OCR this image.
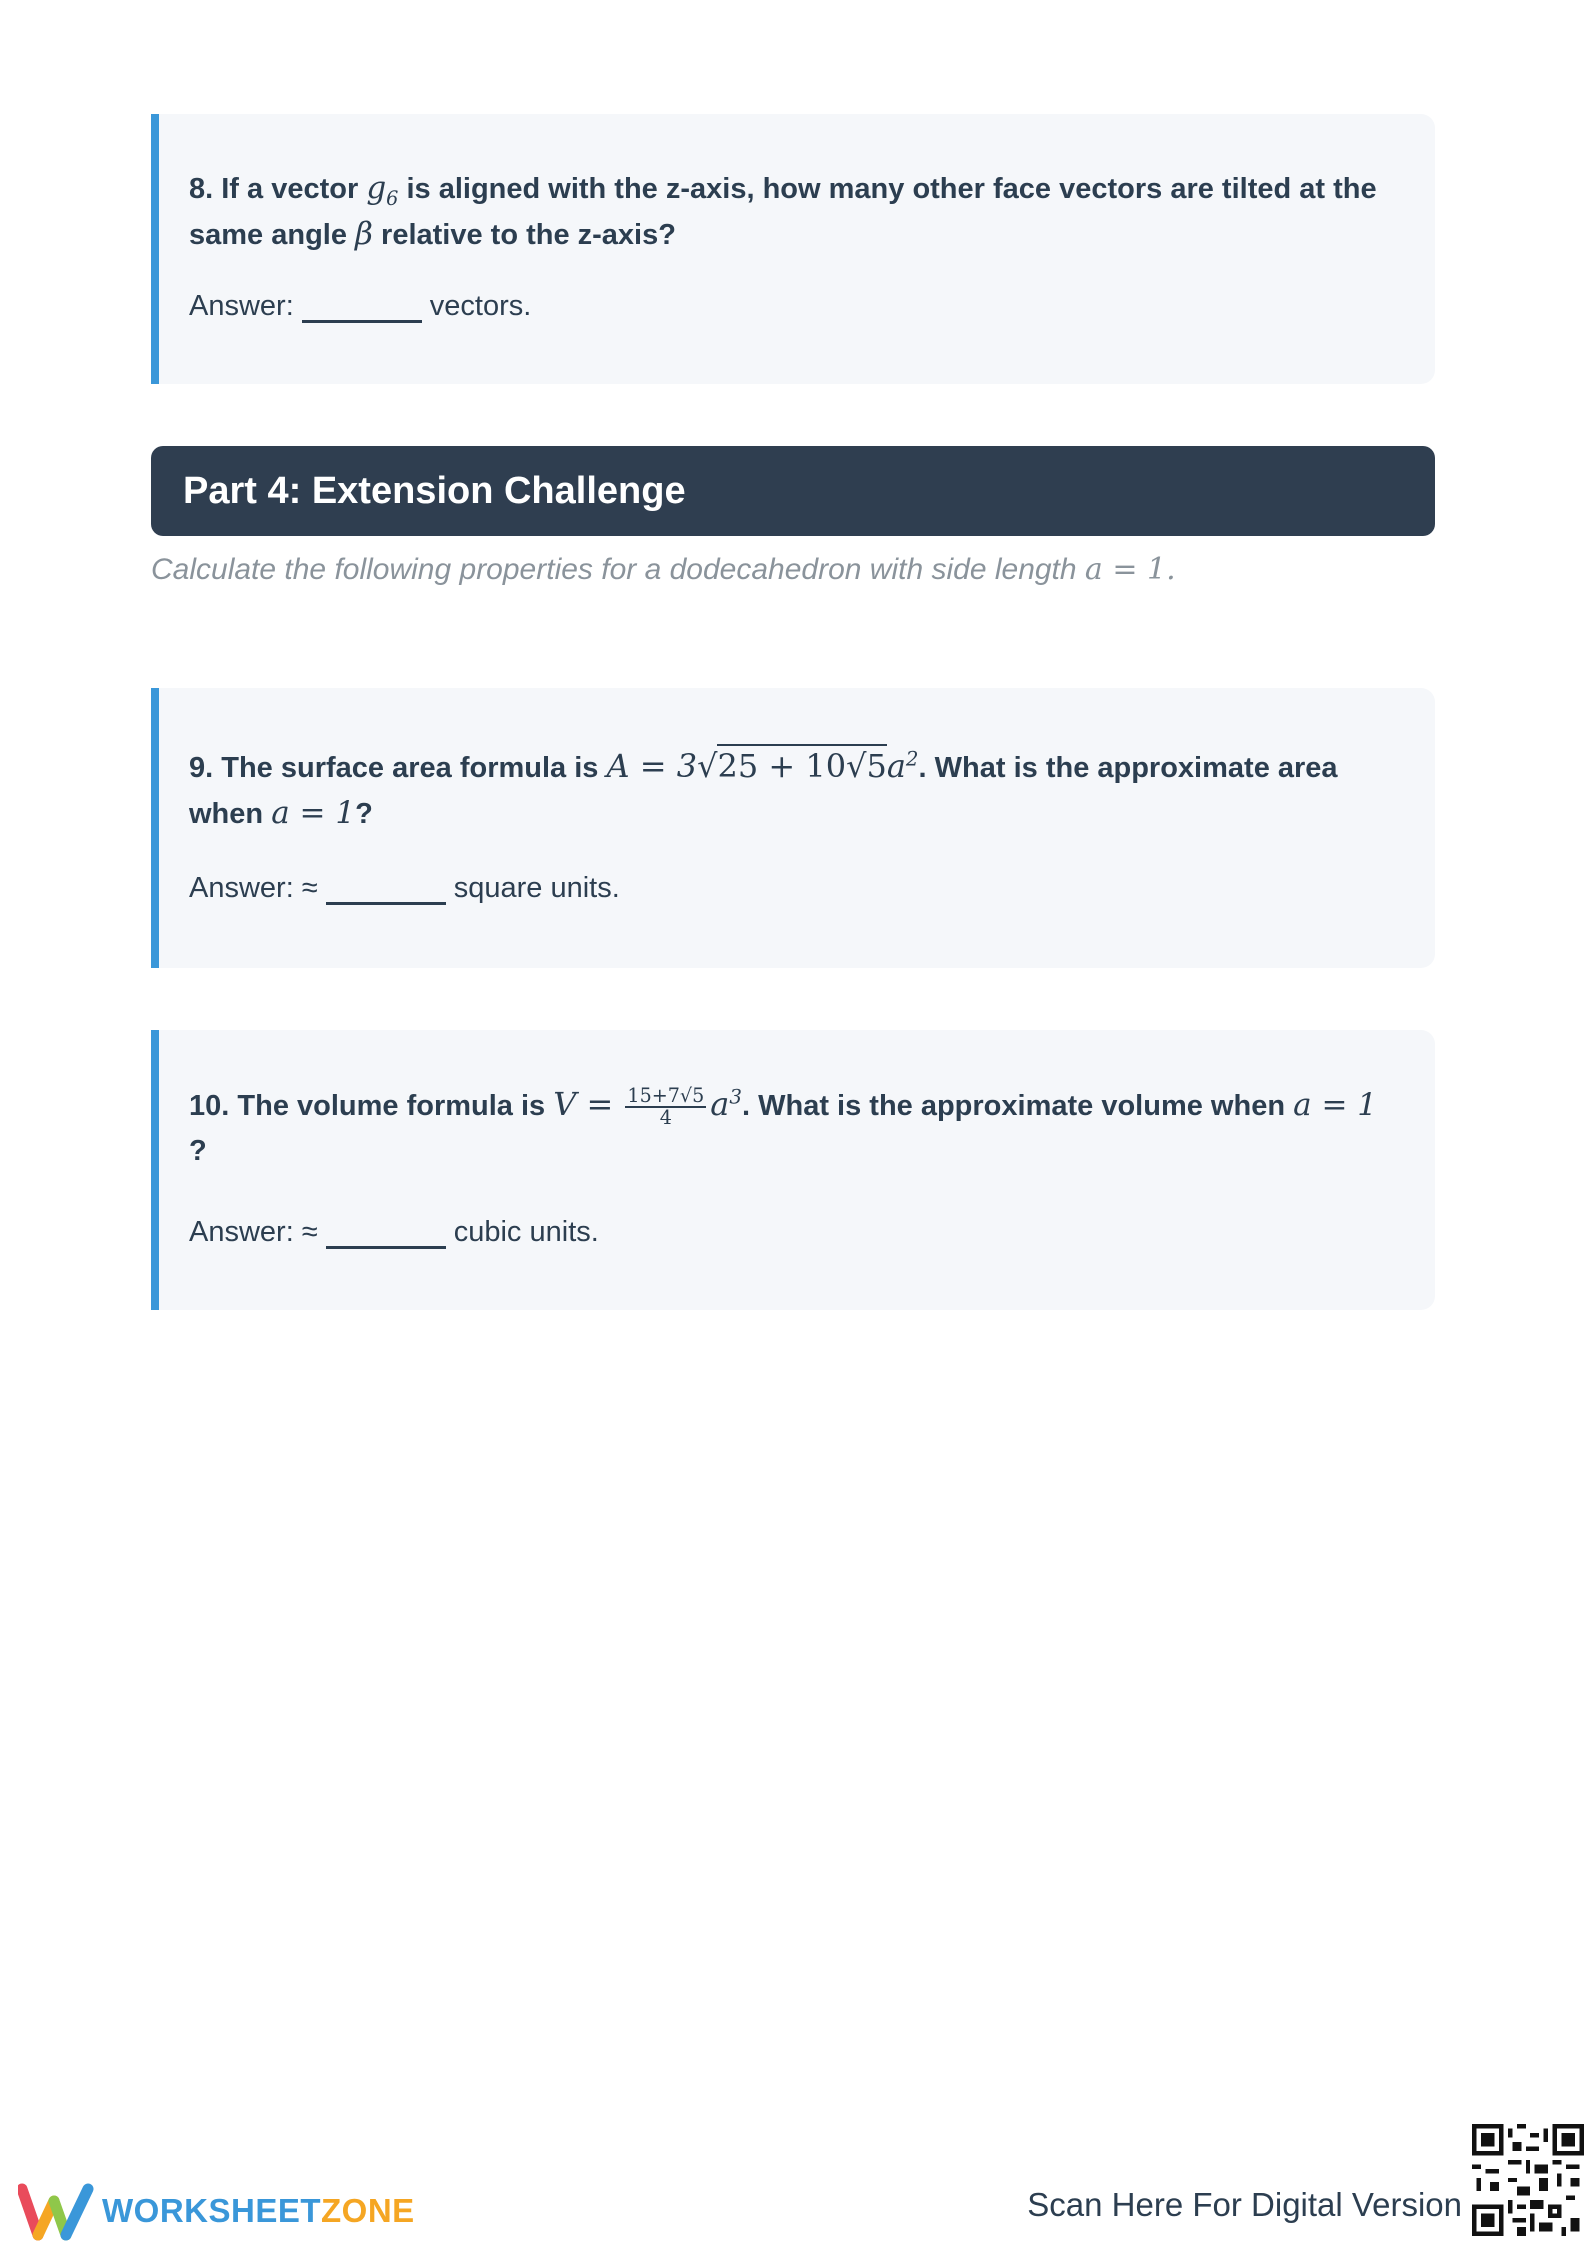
8. If a vector $g_6$ is aligned with the z-axis, how many other face vectors are tilted at the same angle β relative to the z-axis?
Answer:	vectors.
Part 4: Extension Challenge
Calculate the following properties for a dodecahedron with side length a = 1.
9. The surface area formula is $A = 3√25 + 10√5a^2$. What is the approximate area when a = 1?
Answer: ≈	square units.
10. The volume formula is $V = \frac{15+7√5}{4} a^3$. What is the approximate volume when a = 1
?
Answer: ≈	cubic units.
WORKSHEETZONE	Scan Here For Digital Version
